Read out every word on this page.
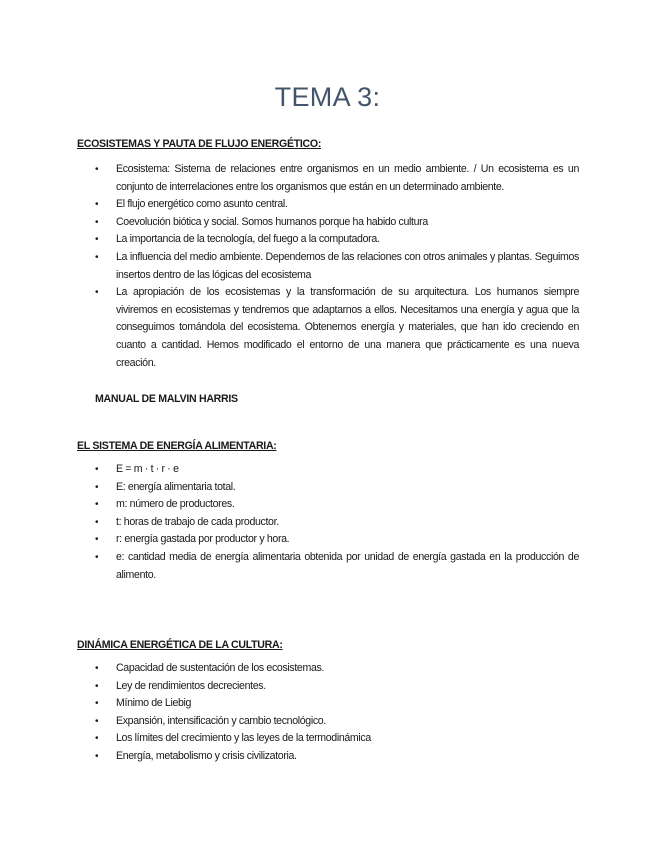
TEMA 3:
ECOSISTEMAS Y PAUTA DE FLUJO ENERGÉTICO:
• Ecosistema: Sistema de relaciones entre organismos en un medio ambiente. / Un ecosistema es un conjunto de interrelaciones entre los organismos que están en un determinado ambiente.
• El flujo energético como asunto central.
• Coevolución biótica y social. Somos humanos porque ha habido cultura
• La importancia de la tecnología, del fuego a la computadora.
• La influencia del medio ambiente. Dependemos de las relaciones con otros animales y plantas. Seguimos insertos dentro de las lógicas del ecosistema
• La apropiación de los ecosistemas y la transformación de su arquitectura. Los humanos siempre viviremos en ecosistemas y tendremos que adaptarnos a ellos. Necesitamos una energía y agua que la conseguimos tomándola del ecosistema. Obtenemos energía y materiales, que han ido creciendo en cuanto a cantidad. Hemos modificado el entorno de una manera que prácticamente es una nueva creación.
MANUAL DE MALVIN HARRIS
EL SISTEMA DE ENERGÍA ALIMENTARIA:
• E = m · t · r · e
• E: energía alimentaria total.
• m: número de productores.
• t: horas de trabajo de cada productor.
• r: energía gastada por productor y hora.
• e: cantidad media de energía alimentaria obtenida por unidad de energía gastada en la producción de alimento.
DINÁMICA ENERGÉTICA DE LA CULTURA:
• Capacidad de sustentación de los ecosistemas.
• Ley de rendimientos decrecientes.
• Mínimo de Liebig
• Expansión, intensificación y cambio tecnológico.
• Los límites del crecimiento y las leyes de la termodinámica
• Energía, metabolismo y crisis civilizatoria.
